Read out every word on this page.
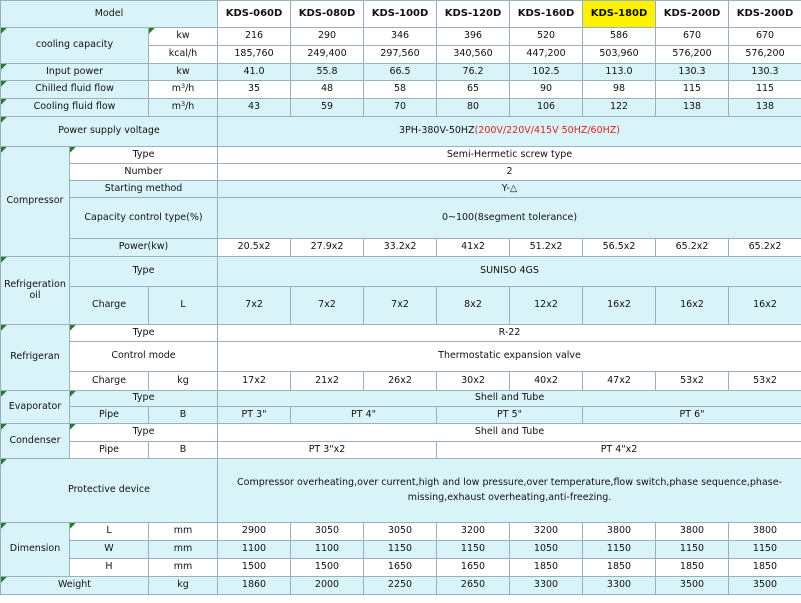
Model			KDS-060D	KDS-080D	KDS-100D	KDS-120D	KDS-160D	KDS-180D	KDS-200D	KDS-200D
cooling capacity		kw	216	290	346	396	520	586	670	670
		kcal/h	185,760	249,400	297,560	340,560	447,200	503,960	576,200	576,200
Input power		kw	41.0	55.8	66.5	76.2	102.5	113.0	130.3	130.3
Chilled fluid flow		$m^3/h$	35	48	58	65	90	98	115	115
Cooling fluid flow		$m^3/h$	43	59	70	80	106	122	138	138
Power supply voltage			3PH-380V-50HZ(200V/220V/415V 50HZ/60HZ)							
Compressor	Type		Semi-Hermetic screw type							
	Number		2							
	Starting method		Y-△							
	Capacity control type(%)		0~100(8segment tolerance)							
	Power(kw)		20.5x2	27.9x2	33.2x2	41x2	51.2x2	56.5x2	65.2x2	65.2x2
Refrigeration oil	Type		SUNISO 4GS							
	Charge	L	7x2	7x2	7x2	8x2	12x2	16x2	16x2	16x2
Refrigeran	Type		R-22							
	Control mode		Thermostatic expansion valve							
	Charge	kg	17x2	21x2	26x2	30x2	40x2	47x2	53x2	53x2
Evaporator	Type		Shell and Tube							
	Pipe	B	PT 3"	PT 4"		PT 5"		PT 6"		
Condenser	Type		Shell and Tube							
	Pipe	B	PT 3"x2			PT 4"x2				
Protective device			Compressor overheating,over current,high and low pressure,over temperature,flow switch,phase sequence,phase-missing,exhaust overheating,anti-freezing.							
Dimension	L	mm	2900	3050	3050	3200	3200	3800	3800	3800
	W	mm	1100	1100	1150	1150	1050	1150	1150	1150
	H	mm	1500	1500	1650	1650	1850	1850	1850	1850
Weight		kg	1860	2000	2250	2650	3300	3300	3500	3500
